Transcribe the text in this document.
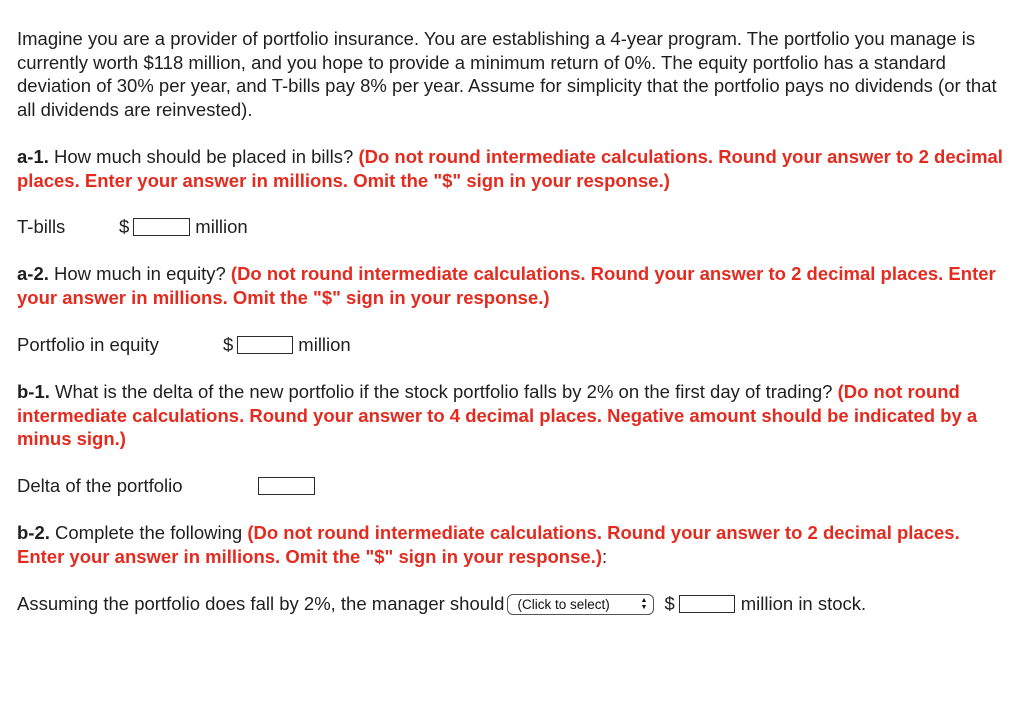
Imagine you are a provider of portfolio insurance. You are establishing a 4-year program. The portfolio you manage is currently worth $118 million, and you hope to provide a minimum return of 0%. The equity portfolio has a standard deviation of 30% per year, and T-bills pay 8% per year. Assume for simplicity that the portfolio pays no dividends (or that all dividends are reinvested).

a-1. How much should be placed in bills? (Do not round intermediate calculations. Round your answer to 2 decimal places. Enter your answer in millions. Omit the "$" sign in your response.)

T-bills	$	million

a-2. How much in equity? (Do not round intermediate calculations. Round your answer to 2 decimal places. Enter your answer in millions. Omit the "$" sign in your response.)

Portfolio in equity	$	million

b-1. What is the delta of the new portfolio if the stock portfolio falls by 2% on the first day of trading? (Do not round intermediate calculations. Round your answer to 4 decimal places. Negative amount should be indicated by a minus sign.)

Delta of the portfolio

b-2. Complete the following (Do not round intermediate calculations. Round your answer to 2 decimal places. Enter your answer in millions. Omit the "$" sign in your response.):

Assuming the portfolio does fall by 2%, the manager should (Click to select)	▲
▼ $	million in stock.
